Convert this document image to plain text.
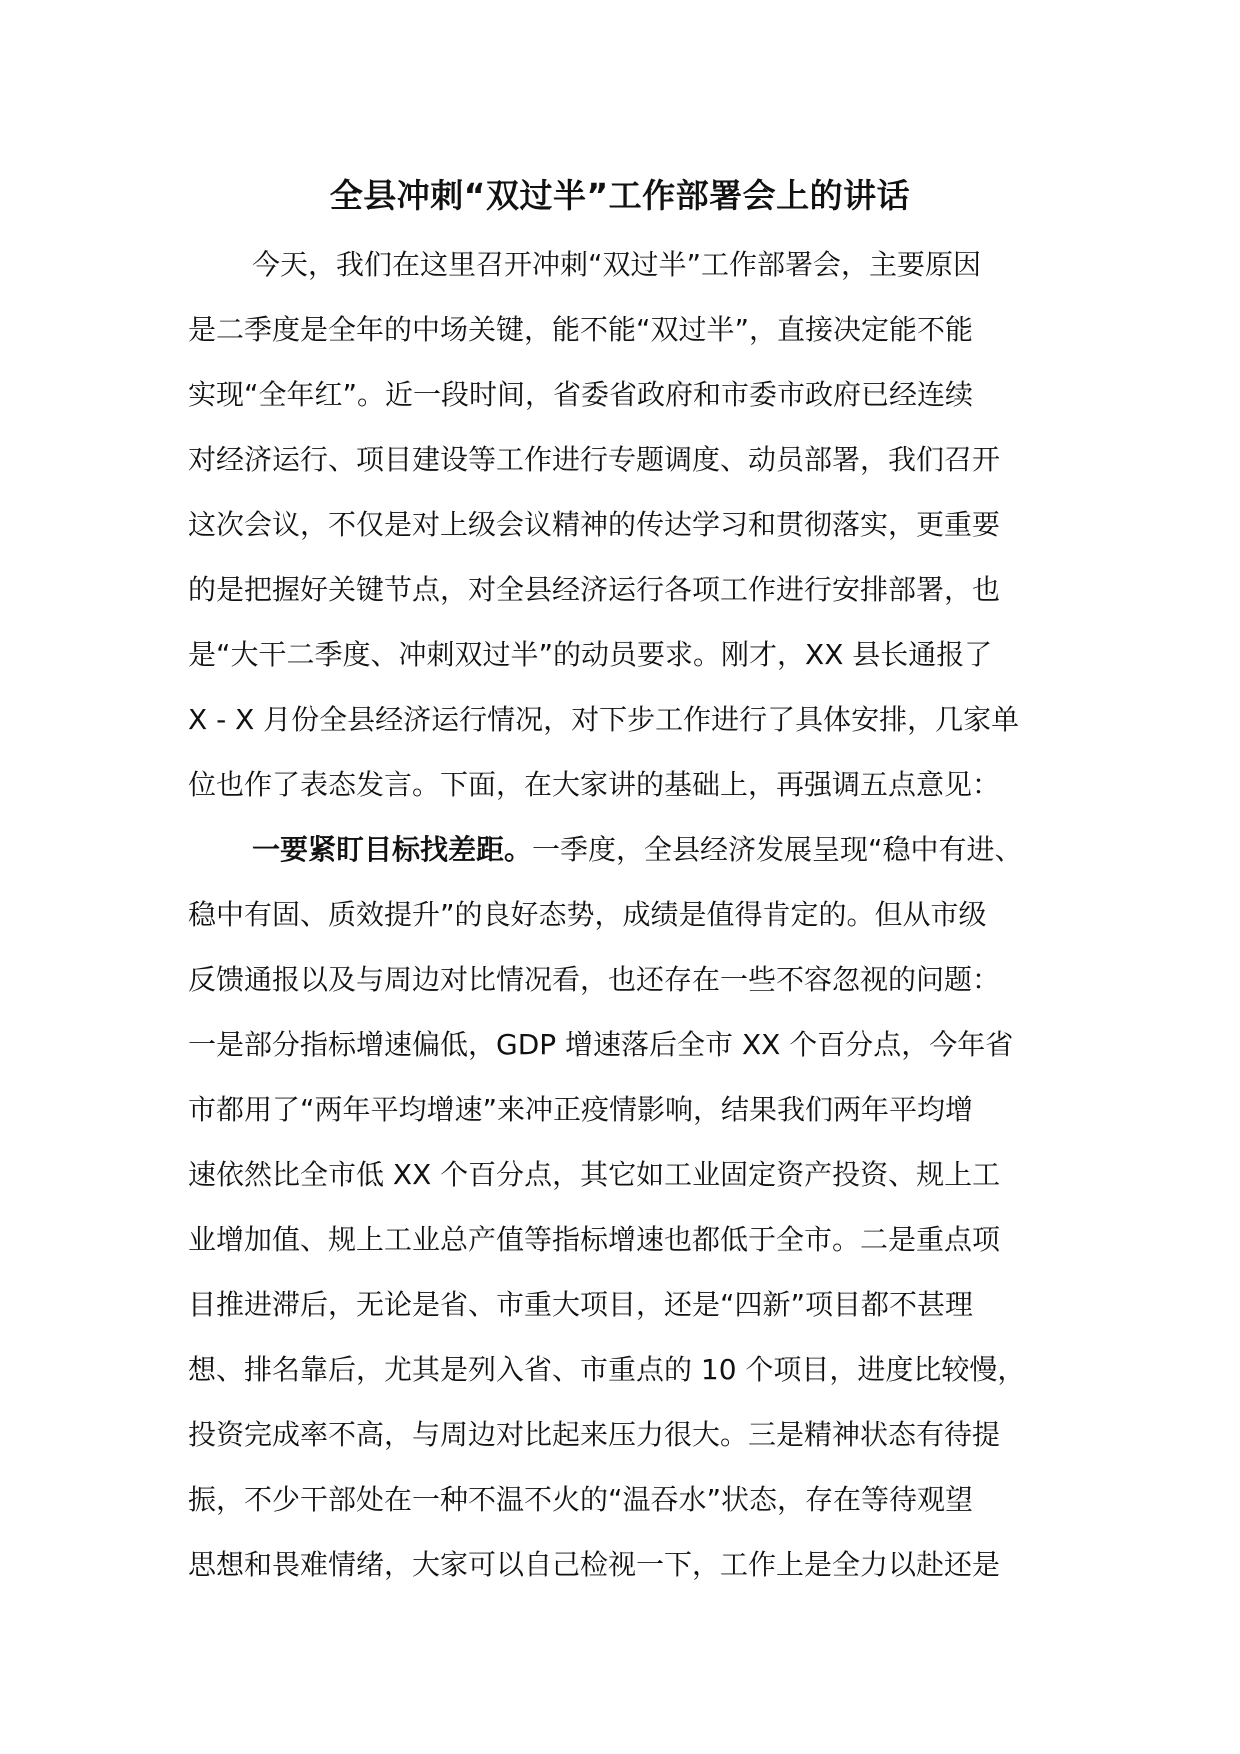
全县冲刺“双过半”工作部署会上的讲话
今天，我们在这里召开冲刺“双过半”工作部署会，主要原因
是二季度是全年的中场关键，能不能“双过半”，直接决定能不能
实现“全年红”。近一段时间，省委省政府和市委市政府已经连续
对经济运行、项目建设等工作进行专题调度、动员部署，我们召开
这次会议，不仅是对上级会议精神的传达学习和贯彻落实，更重要
的是把握好关键节点，对全县经济运行各项工作进行安排部署，也
是“大干二季度、冲刺双过半”的动员要求。刚才，XX 县长通报了
X - X 月份全县经济运行情况，对下步工作进行了具体安排，几家单
位也作了表态发言。下面，在大家讲的基础上，再强调五点意见：
一要紧盯目标找差距。一季度，全县经济发展呈现“稳中有进、
稳中有固、质效提升”的良好态势，成绩是值得肯定的。但从市级
反馈通报以及与周边对比情况看，也还存在一些不容忽视的问题：
一是部分指标增速偏低，GDP 增速落后全市 XX 个百分点，今年省
市都用了“两年平均增速”来冲正疫情影响，结果我们两年平均增
速依然比全市低 XX 个百分点，其它如工业固定资产投资、规上工
业增加值、规上工业总产值等指标增速也都低于全市。二是重点项
目推进滞后，无论是省、市重大项目，还是“四新”项目都不甚理
想、排名靠后，尤其是列入省、市重点的 10 个项目，进度比较慢，
投资完成率不高，与周边对比起来压力很大。三是精神状态有待提
振，不少干部处在一种不温不火的“温吞水”状态，存在等待观望
思想和畏难情绪，大家可以自己检视一下，工作上是全力以赴还是
